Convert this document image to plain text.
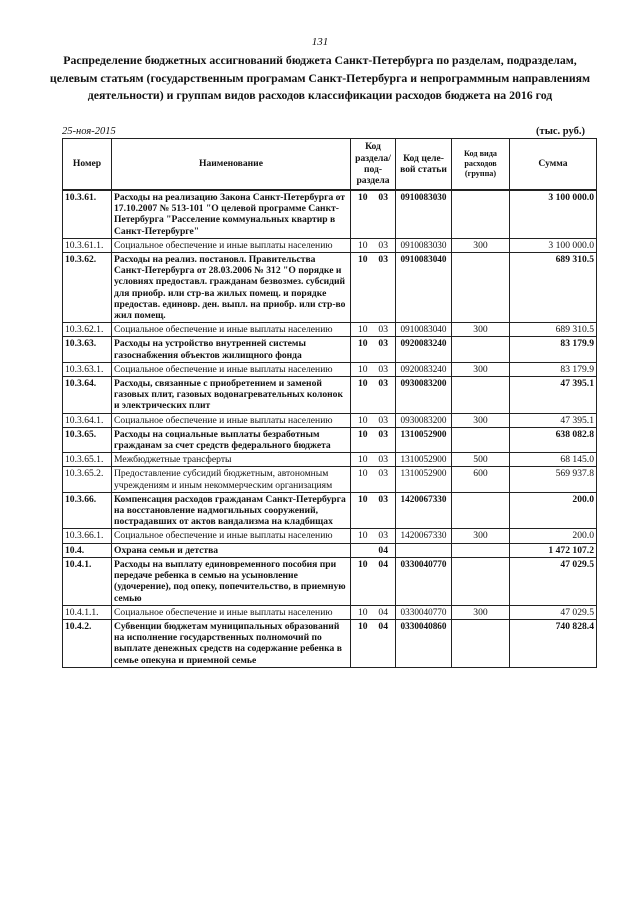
131
Распределение бюджетных ассигнований бюджета Санкт-Петербурга по разделам, подразделам, целевым статьям (государственным програмам Санкт-Петербурга и непрограммным направлениям деятельности) и группам видов расходов классификации расходов бюджета на 2016 год
25-ноя-2015	(тыс. руб.)
Номер	Наименование	Код раздела/ под-раздела	Код целе-вой статьи	Код вида расходов (группа)	Сумма
10.3.61.	Расходы на реализацию Закона Санкт-Петербурга от 17.10.2007 № 513-101 "О целевой программе Санкт-Петербурга "Расселение коммунальных квартир в Санкт-Петербурге"	10 03	0910083030		3 100 000.0
10.3.61.1.	Социальное обеспечение и иные выплаты населению	10 03	0910083030	300	3 100 000.0
10.3.62.	Расходы на реализ. постановл. Правительства Санкт-Петербурга от 28.03.2006 № 312 "О порядке и условиях предоставл. гражданам безвозмез. субсидий для приобр. или стр-ва жилых помещ. и порядке предостав. единовр. ден. выпл. на приобр. или стр-во жил помещ.	10 03	0910083040		689 310.5
10.3.62.1.	Социальное обеспечение и иные выплаты населению	10 03	0910083040	300	689 310.5
10.3.63.	Расходы на устройство внутренней системы газоснабжения объектов жилищного фонда	10 03	0920083240		83 179.9
10.3.63.1.	Социальное обеспечение и иные выплаты населению	10 03	0920083240	300	83 179.9
10.3.64.	Расходы, связанные с приобретением и заменой газовых плит, газовых водонагревательных колонок и электрических плит	10 03	0930083200		47 395.1
10.3.64.1.	Социальное обеспечение и иные выплаты населению	10 03	0930083200	300	47 395.1
10.3.65.	Расходы на социальные выплаты безработным гражданам за счет средств федерального бюджета	10 03	1310052900		638 082.8
10.3.65.1.	Межбюджетные трансферты	10 03	1310052900	500	68 145.0
10.3.65.2.	Предоставление субсидий бюджетным, автономным учреждениям и иным некоммерческим организациям	10 03	1310052900	600	569 937.8
10.3.66.	Компенсация расходов гражданам Санкт-Петербурга на восстановление надмогильных сооружений, пострадавших от актов вандализма на кладбищах	10 03	1420067330		200.0
10.3.66.1.	Социальное обеспечение и иные выплаты населению	10 03	1420067330	300	200.0
10.4.	Охрана семьи и детства	04			1 472 107.2
10.4.1.	Расходы на выплату единовременного пособия при передаче ребенка в семью на усыновление (удочерение), под опеку, попечительство, в приемную семью	10 04	0330040770		47 029.5
10.4.1.1.	Социальное обеспечение и иные выплаты населению	10 04	0330040770	300	47 029.5
10.4.2.	Субвенции бюджетам муниципальных образований на исполнение государственных полномочий по выплате денежных средств на содержание ребенка в семье опекуна и приемной семье	10 04	0330040860		740 828.4
